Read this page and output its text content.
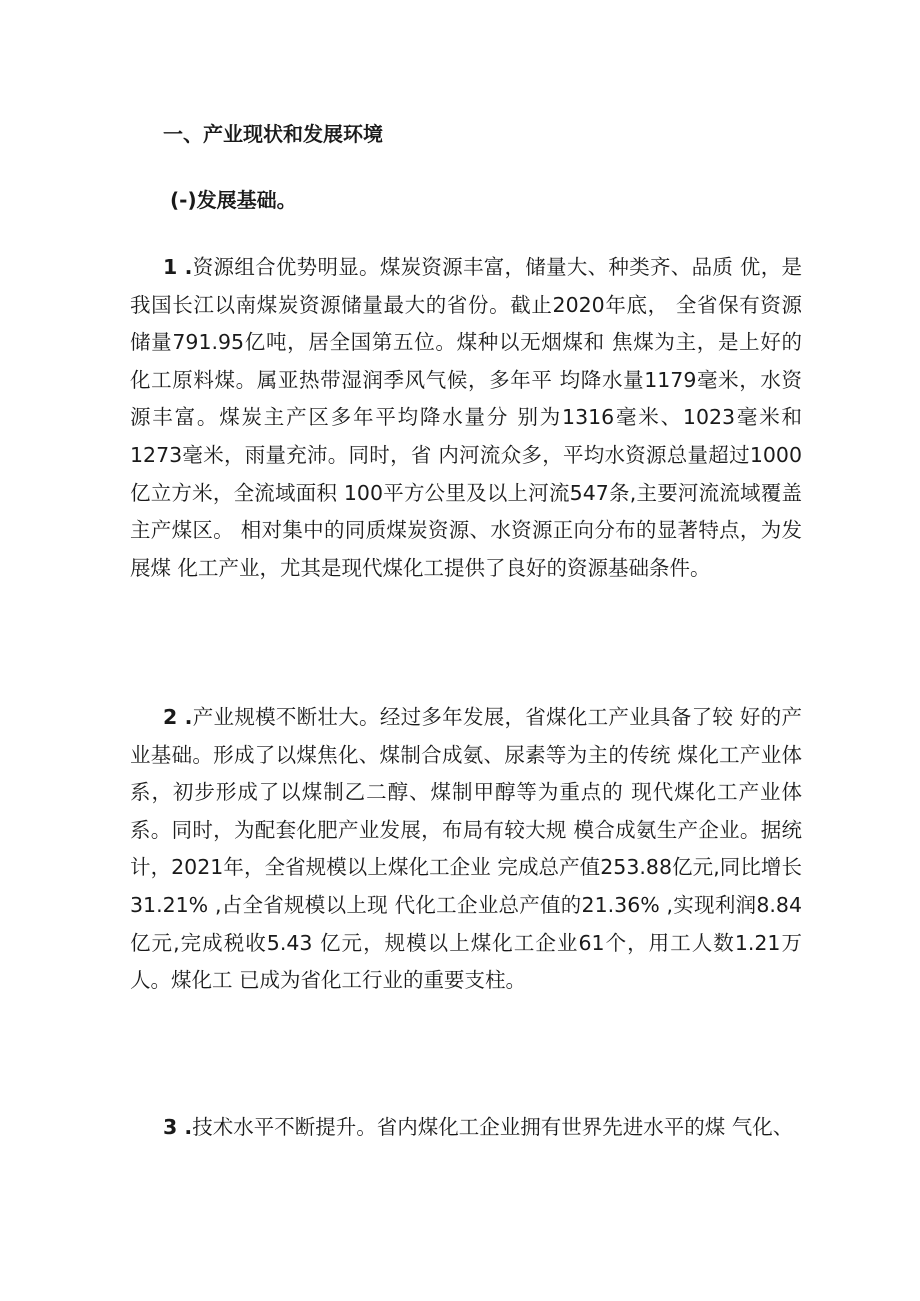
一、产业现状和发展环境
(-)发展基础。

1 .资源组合优势明显。煤炭资源丰富，储量大、种类齐、品质 优，是我国长江以南煤炭资源储量最大的省份。截止2020年底， 全省保有资源储量791.95亿吨，居全国第五位。煤种以无烟煤和 焦煤为主，是上好的化工原料煤。属亚热带湿润季风气候，多年平 均降水量1179毫米，水资源丰富。煤炭主产区多年平均降水量分 别为1316毫米、1023毫米和1273毫米，雨量充沛。同时，省 内河流众多，平均水资源总量超过1000亿立方米，全流域面积 100平方公里及以上河流547条,主要河流流域覆盖主产煤区。 相对集中的同质煤炭资源、水资源正向分布的显著特点，为发展煤 化工产业，尤其是现代煤化工提供了良好的资源基础条件。

2 .产业规模不断壮大。经过多年发展，省煤化工产业具备了较 好的产业基础。形成了以煤焦化、煤制合成氨、尿素等为主的传统 煤化工产业体系，初步形成了以煤制乙二醇、煤制甲醇等为重点的 现代煤化工产业体系。同时，为配套化肥产业发展，布局有较大规 模合成氨生产企业。据统计，2021年，全省规模以上煤化工企业 完成总产值253.88亿元,同比增长31.21% ,占全省规模以上现 代化工企业总产值的21.36% ,实现利润8.84亿元,完成税收5.43 亿元，规模以上煤化工企业61个，用工人数1.21万人。煤化工 已成为省化工行业的重要支柱。

3 .技术水平不断提升。省内煤化工企业拥有世界先进水平的煤 气化、
